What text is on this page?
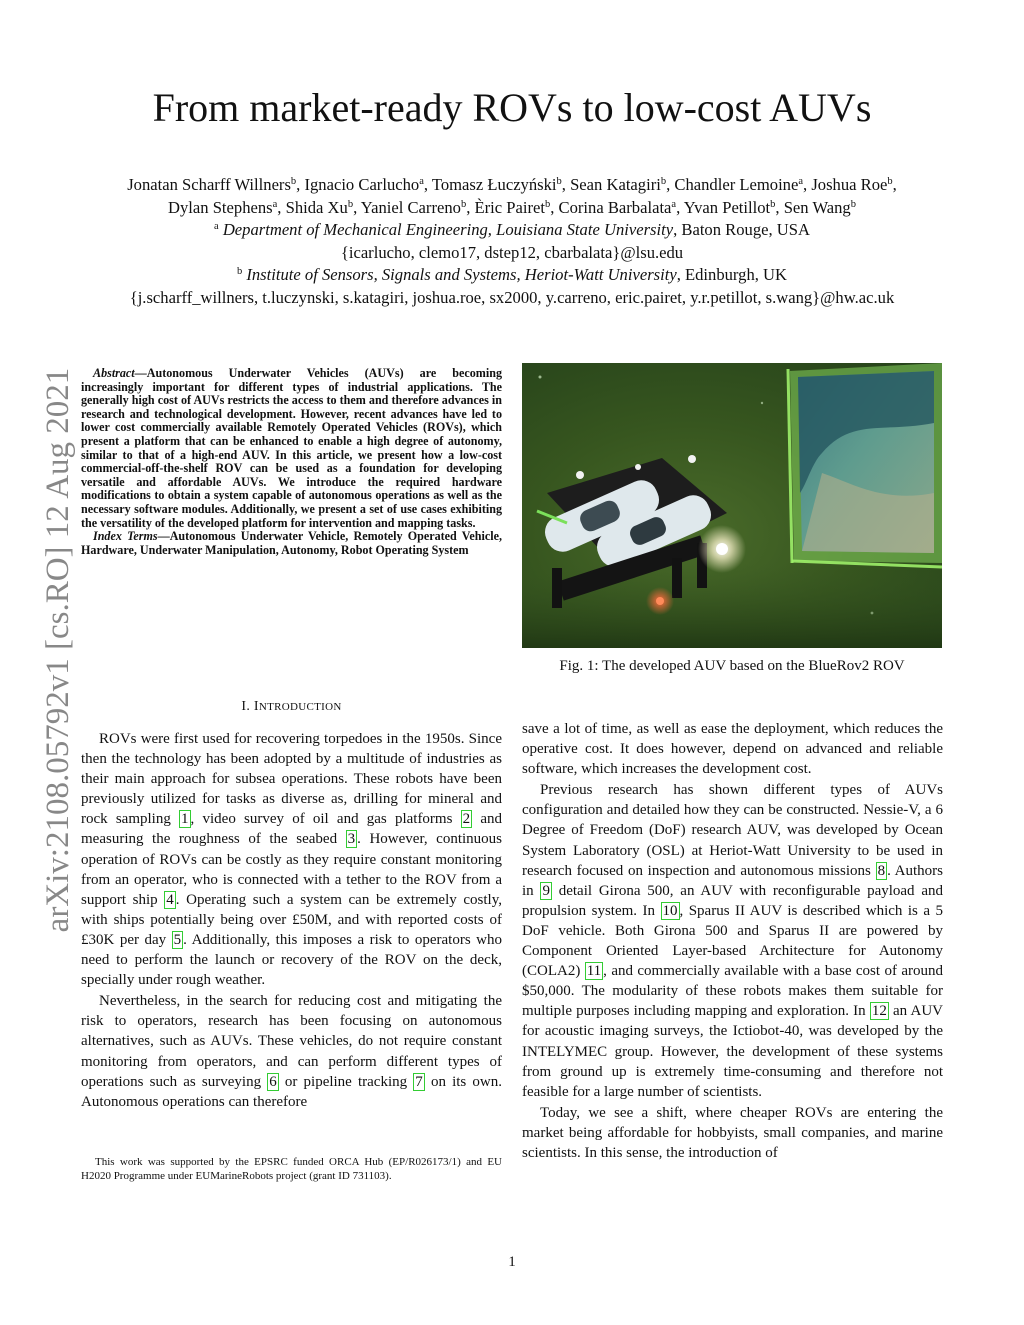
From market-ready ROVs to low-cost AUVs
Jonatan Scharff Willners$^b$, Ignacio Carlucho$^a$, Tomasz Łuczyński$^b$, Sean Katagiri$^b$, Chandler Lemoine$^a$, Joshua Roe$^b$,
Dylan Stephens$^a$, Shida Xu$^b$, Yaniel Carreno$^b$, Èric Pairet$^b$, Corina Barbalata$^a$, Yvan Petillot$^b$, Sen Wang$^b$
$^a$ Department of Mechanical Engineering, Louisiana State University, Baton Rouge, USA
{icarlucho, clemo17, dstep12, cbarbalata}@lsu.edu
$^b$ Institute of Sensors, Signals and Systems, Heriot-Watt University, Edinburgh, UK
{j.scharff_willners, t.luczynski, s.katagiri, joshua.roe, sx2000, y.carreno, eric.pairet, y.r.petillot, s.wang}@hw.ac.uk
arXiv:2108.05792v1 [cs.RO] 12 Aug 2021	Abstract—Autonomous Underwater Vehicles (AUVs) are becoming increasingly important for different types of industrial applications. The generally high cost of AUVs restricts the access to them and therefore advances in research and technological development. However, recent advances have led to lower cost commercially available Remotely Operated Vehicles (ROVs), which present a platform that can be enhanced to enable a high degree of autonomy, similar to that of a high-end AUV. In this article, we present how a low-cost commercial-off-the-shelf ROV can be used as a foundation for developing versatile and affordable AUVs. We introduce the required hardware modifications to obtain a system capable of autonomous operations as well as the necessary software modules. Additionally, we present a set of use cases exhibiting the versatility of the developed platform for intervention and mapping tasks.

Index Terms—Autonomous Underwater Vehicle, Remotely Operated Vehicle, Hardware, Underwater Manipulation, Autonomy, Robot Operating System

I. INTRODUCTION

ROVs were first used for recovering torpedoes in the 1950s. Since then the technology has been adopted by a multitude of industries as their main approach for subsea operations. These robots have been previously utilized for tasks as diverse as, drilling for mineral and rock sampling 1 , video survey of oil and gas platforms 2 and measuring the roughness of the seabed 3 . However, continuous operation of ROVs can be costly as they require constant monitoring from an operator, who is connected with a tether to the ROV from a support ship 4 . Operating such a system can be extremely costly, with ships potentially being over £50M, and with reported costs of £30K per day 5 . Additionally, this imposes a risk to operators who need to perform the launch or recovery of the ROV on the deck, specially under rough weather.

Nevertheless, in the search for reducing cost and mitigating the risk to operators, research has been focusing on autonomous alternatives, such as AUVs. These vehicles, do not require constant monitoring from operators, and can perform different types of operations such as surveying 6 or pipeline tracking 7 on its own. Autonomous operations can therefore

This work was supported by the EPSRC funded ORCA Hub (EP/R026173/1) and EU H2020 Programme under EUMarineRobots project (grant ID 731103).

Fig. 1: The developed AUV based on the BlueRov2 ROV

save a lot of time, as well as ease the deployment, which reduces the operative cost. It does however, depend on advanced and reliable software, which increases the development cost.

Previous research has shown different types of AUVs configuration and detailed how they can be constructed. Nessie-V, a 6 Degree of Freedom (DoF) research AUV, was developed by Ocean System Laboratory (OSL) at Heriot-Watt University to be used in research focused on inspection and autonomous missions 8 . Authors in 9 detail Girona 500, an AUV with reconfigurable payload and propulsion system. In 10 , Sparus II AUV is described which is a 5 DoF vehicle. Both Girona 500 and Sparus II are powered by Component Oriented Layer-based Architecture for Autonomy (COLA2) 11 , and commercially available with a base cost of around $50,000. The modularity of these robots makes them suitable for multiple purposes including mapping and exploration. In 12 an AUV for acoustic imaging surveys, the Ictiobot-40, was developed by the INTELYMEC group. However, the development of these systems from ground up is extremely time-consuming and therefore not feasible for a large number of scientists.

Today, we see a shift, where cheaper ROVs are entering the market being affordable for hobbyists, small companies, and marine scientists. In this sense, the introduction of

1
